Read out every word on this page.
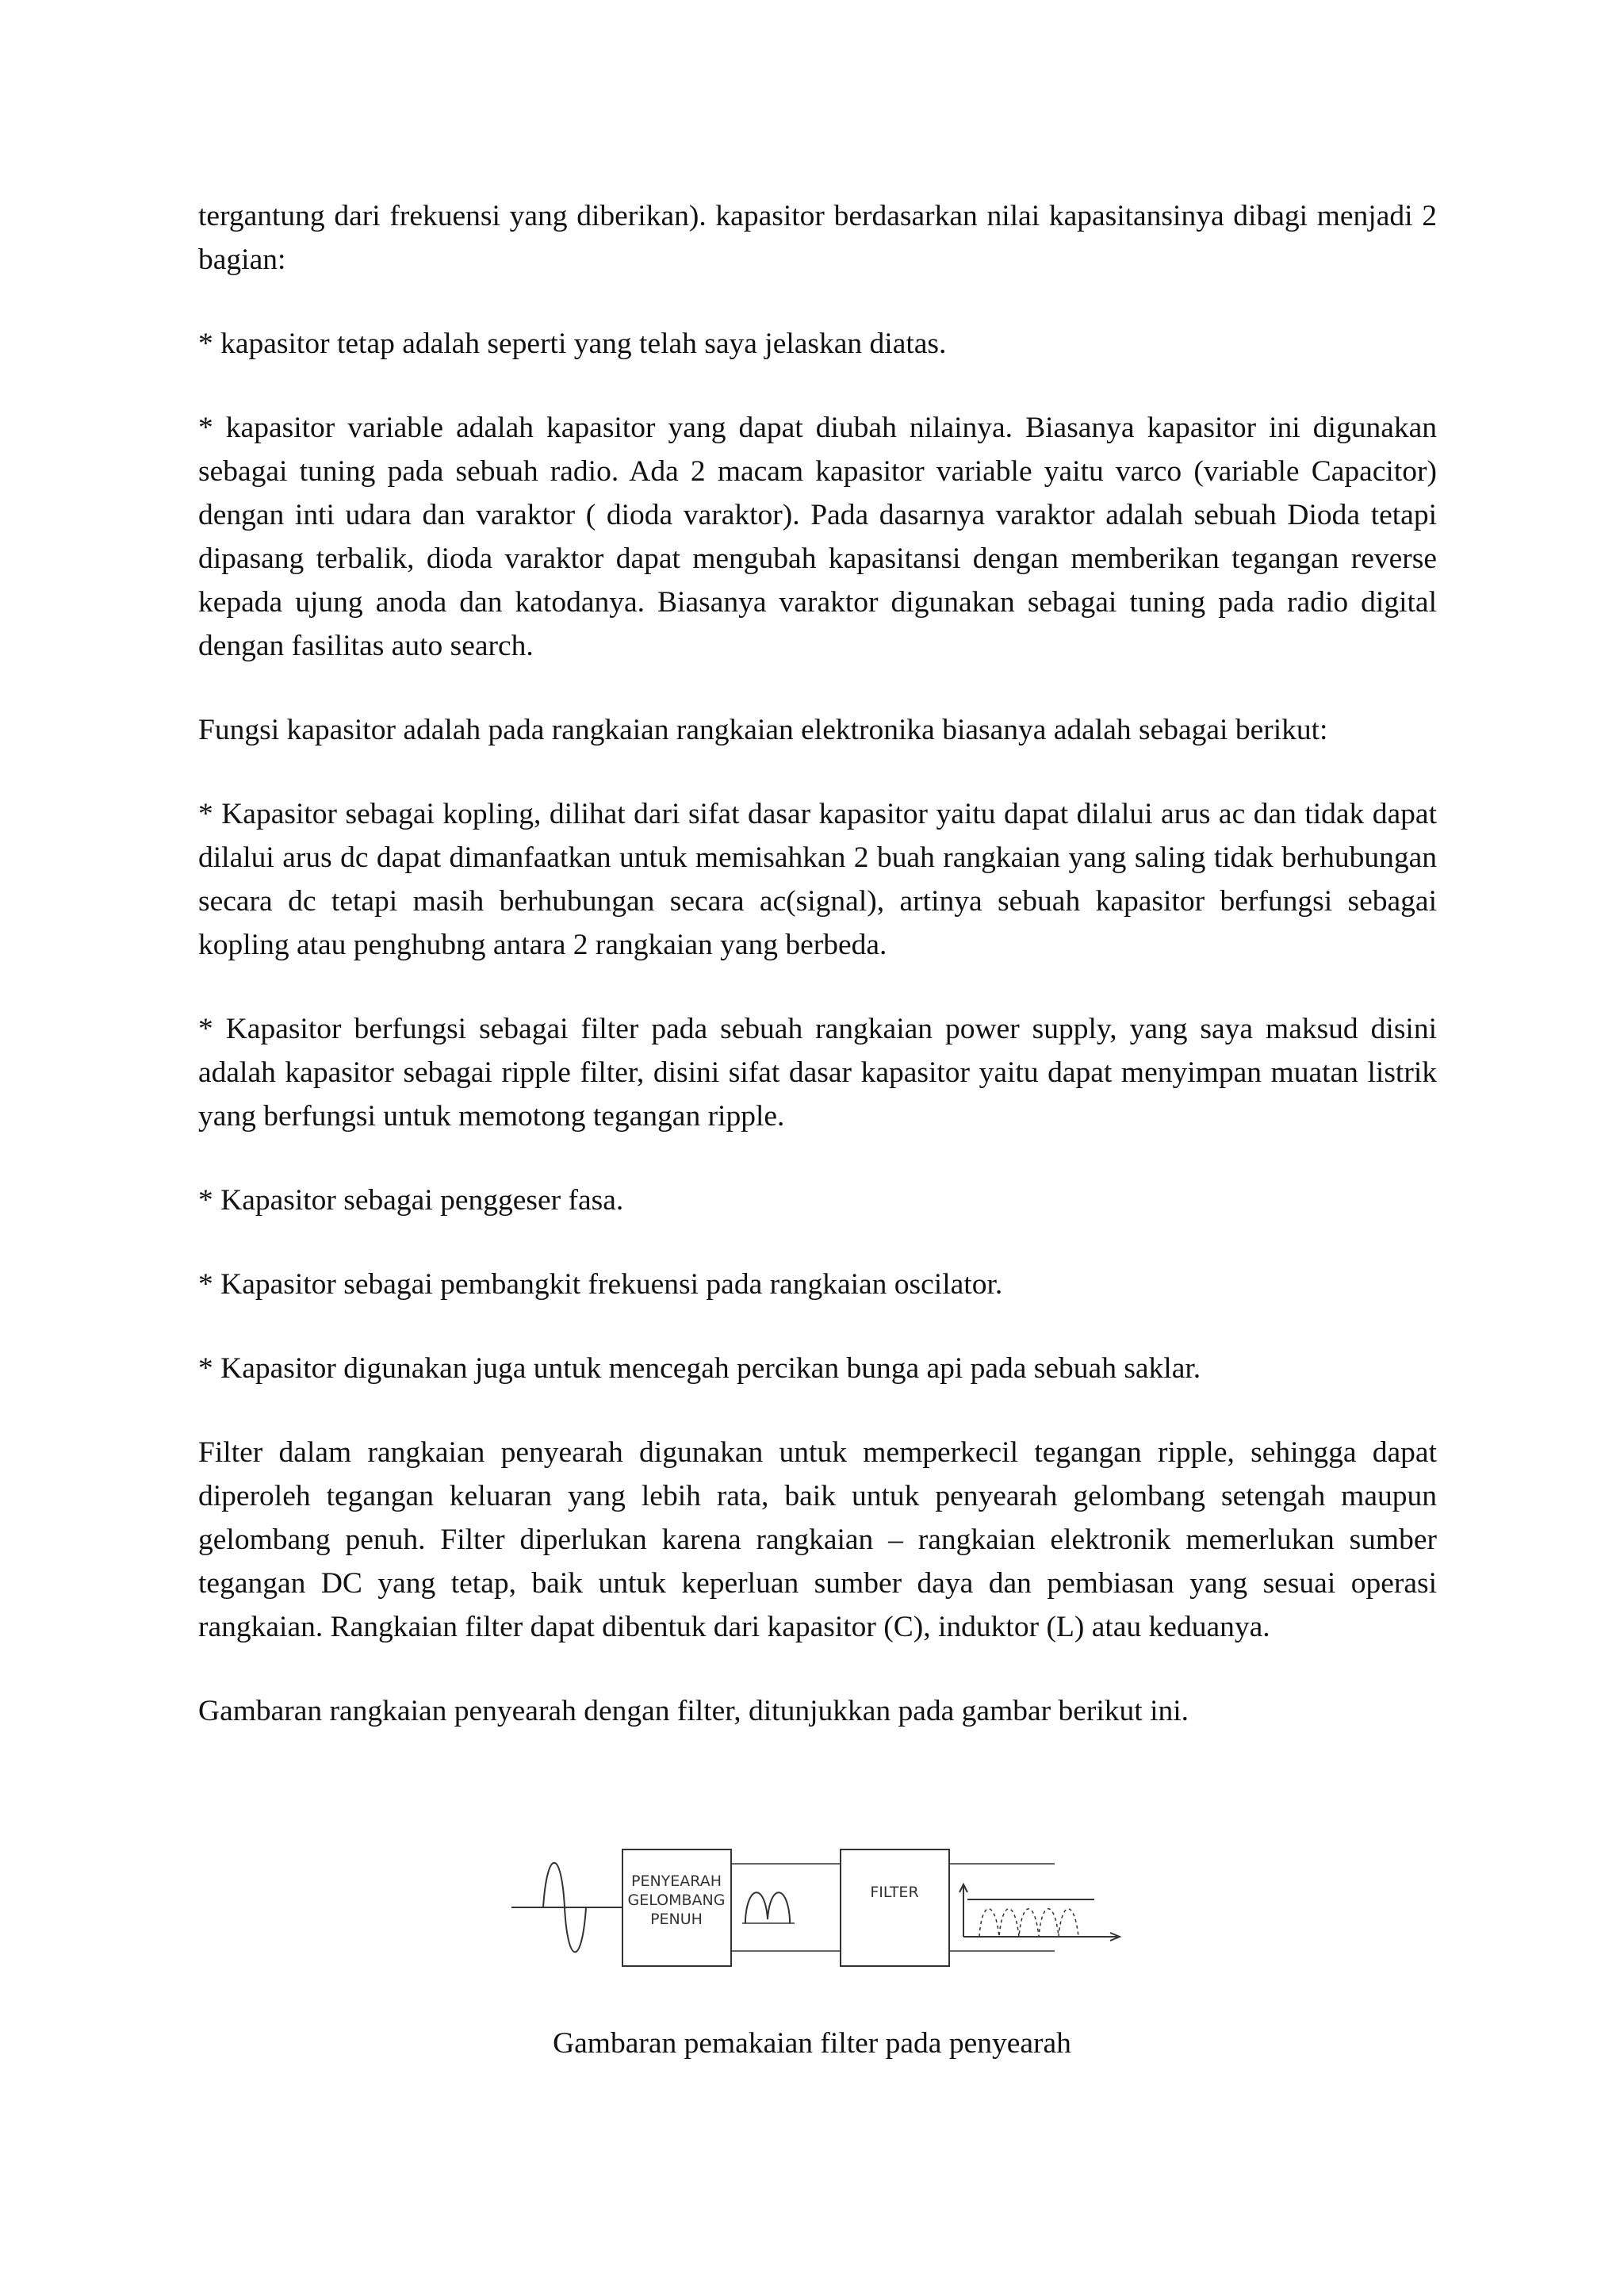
tergantung dari frekuensi yang diberikan). kapasitor berdasarkan nilai kapasitansinya dibagi menjadi 2 bagian:

* kapasitor tetap adalah seperti yang telah saya jelaskan diatas.

* kapasitor variable adalah kapasitor yang dapat diubah nilainya. Biasanya kapasitor ini digunakan sebagai tuning pada sebuah radio. Ada 2 macam kapasitor variable yaitu varco (variable Capacitor) dengan inti udara dan varaktor ( dioda varaktor). Pada dasarnya varaktor adalah sebuah Dioda tetapi dipasang terbalik, dioda varaktor dapat mengubah kapasitansi dengan memberikan tegangan reverse kepada ujung anoda dan katodanya. Biasanya varaktor digunakan sebagai tuning pada radio digital dengan fasilitas auto search.

Fungsi kapasitor adalah pada rangkaian rangkaian elektronika biasanya adalah sebagai berikut:

* Kapasitor sebagai kopling, dilihat dari sifat dasar kapasitor yaitu dapat dilalui arus ac dan tidak dapat dilalui arus dc dapat dimanfaatkan untuk memisahkan 2 buah rangkaian yang saling tidak berhubungan secara dc tetapi masih berhubungan secara ac(signal), artinya sebuah kapasitor berfungsi sebagai kopling atau penghubng antara 2 rangkaian yang berbeda.

* Kapasitor berfungsi sebagai filter pada sebuah rangkaian power supply, yang saya maksud disini adalah kapasitor sebagai ripple filter, disini sifat dasar kapasitor yaitu dapat menyimpan muatan listrik yang berfungsi untuk memotong tegangan ripple.

* Kapasitor sebagai penggeser fasa.

* Kapasitor sebagai pembangkit frekuensi pada rangkaian oscilator.

* Kapasitor digunakan juga untuk mencegah percikan bunga api pada sebuah saklar.

Filter dalam rangkaian penyearah digunakan untuk memperkecil tegangan ripple, sehingga dapat diperoleh tegangan keluaran yang lebih rata, baik untuk penyearah gelombang setengah maupun gelombang penuh. Filter diperlukan karena rangkaian – rangkaian elektronik memerlukan sumber tegangan DC yang tetap, baik untuk keperluan sumber daya dan pembiasan yang sesuai operasi rangkaian. Rangkaian filter dapat dibentuk dari kapasitor (C), induktor (L) atau keduanya.

Gambaran rangkaian penyearah dengan filter, ditunjukkan pada gambar berikut ini.

PENYEARAH
GELOMBANG
PENUH
FILTER
Gambaran pemakaian filter pada penyearah
